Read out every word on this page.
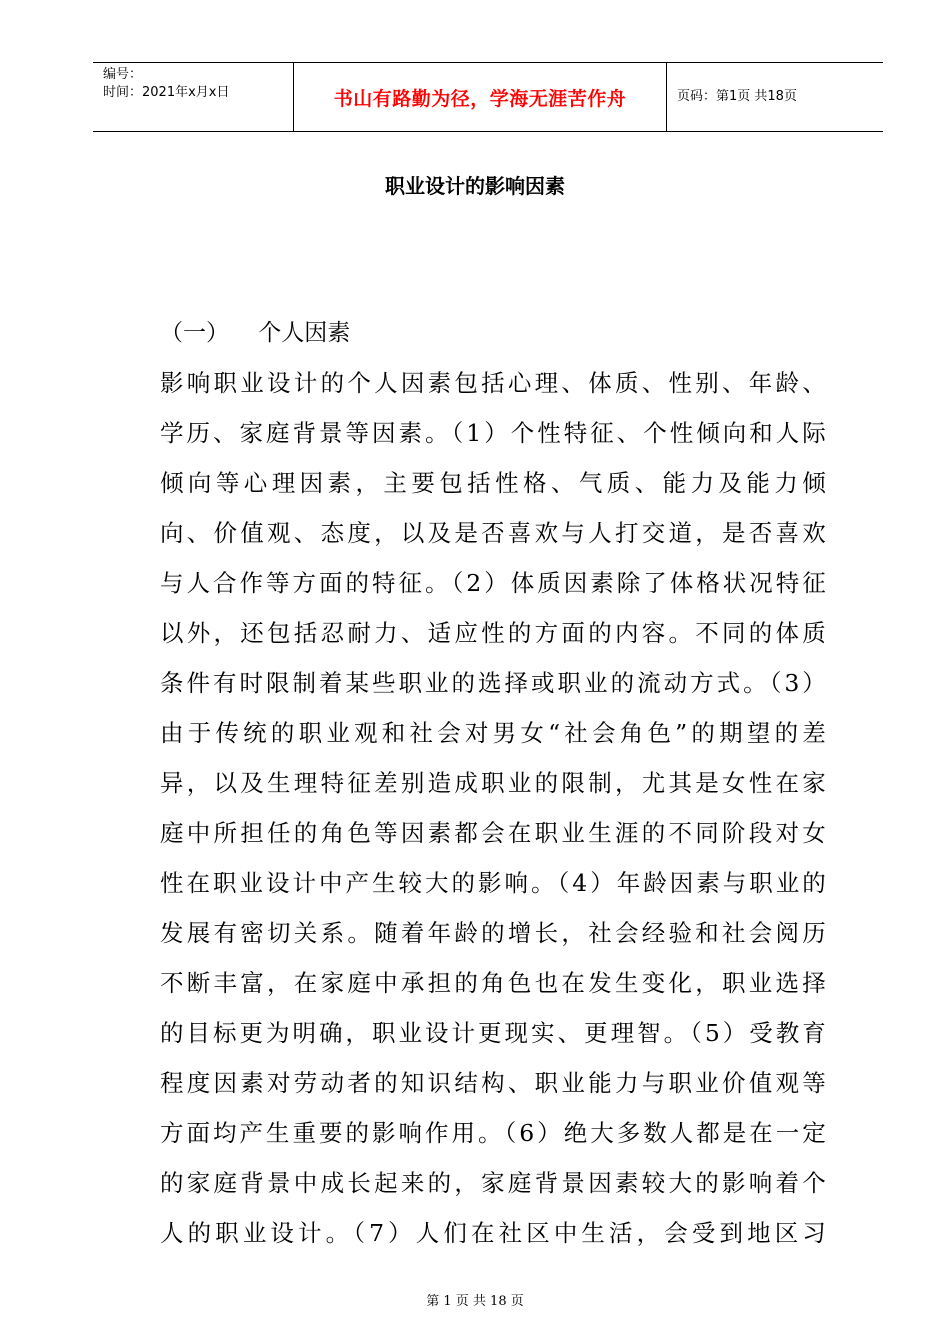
编号：
时间：2021年x月x日	书山有路勤为径，学海无涯苦作舟	页码：第1页 共18页
职业设计的影响因素
（一）    个人因素
影响职业设计的个人因素包括心理、体质、性别、年龄、
学历、家庭背景等因素。（1）个性特征、个性倾向和人际
倾向等心理因素，主要包括性格、气质、能力及能力倾
向、价值观、态度，以及是否喜欢与人打交道，是否喜欢
与人合作等方面的特征。（2）体质因素除了体格状况特征
以外，还包括忍耐力、适应性的方面的内容。不同的体质
条件有时限制着某些职业的选择或职业的流动方式。（3）
由于传统的职业观和社会对男女“社会角色”的期望的差
异，以及生理特征差别造成职业的限制，尤其是女性在家
庭中所担任的角色等因素都会在职业生涯的不同阶段对女
性在职业设计中产生较大的影响。（4）年龄因素与职业的
发展有密切关系。随着年龄的增长，社会经验和社会阅历
不断丰富，在家庭中承担的角色也在发生变化，职业选择
的目标更为明确，职业设计更现实、更理智。（5）受教育
程度因素对劳动者的知识结构、职业能力与职业价值观等
方面均产生重要的影响作用。（6）绝大多数人都是在一定
的家庭背景中成长起来的，家庭背景因素较大的影响着个
人的职业设计。（7）人们在社区中生活，会受到地区习
第 1 页 共 18 页
